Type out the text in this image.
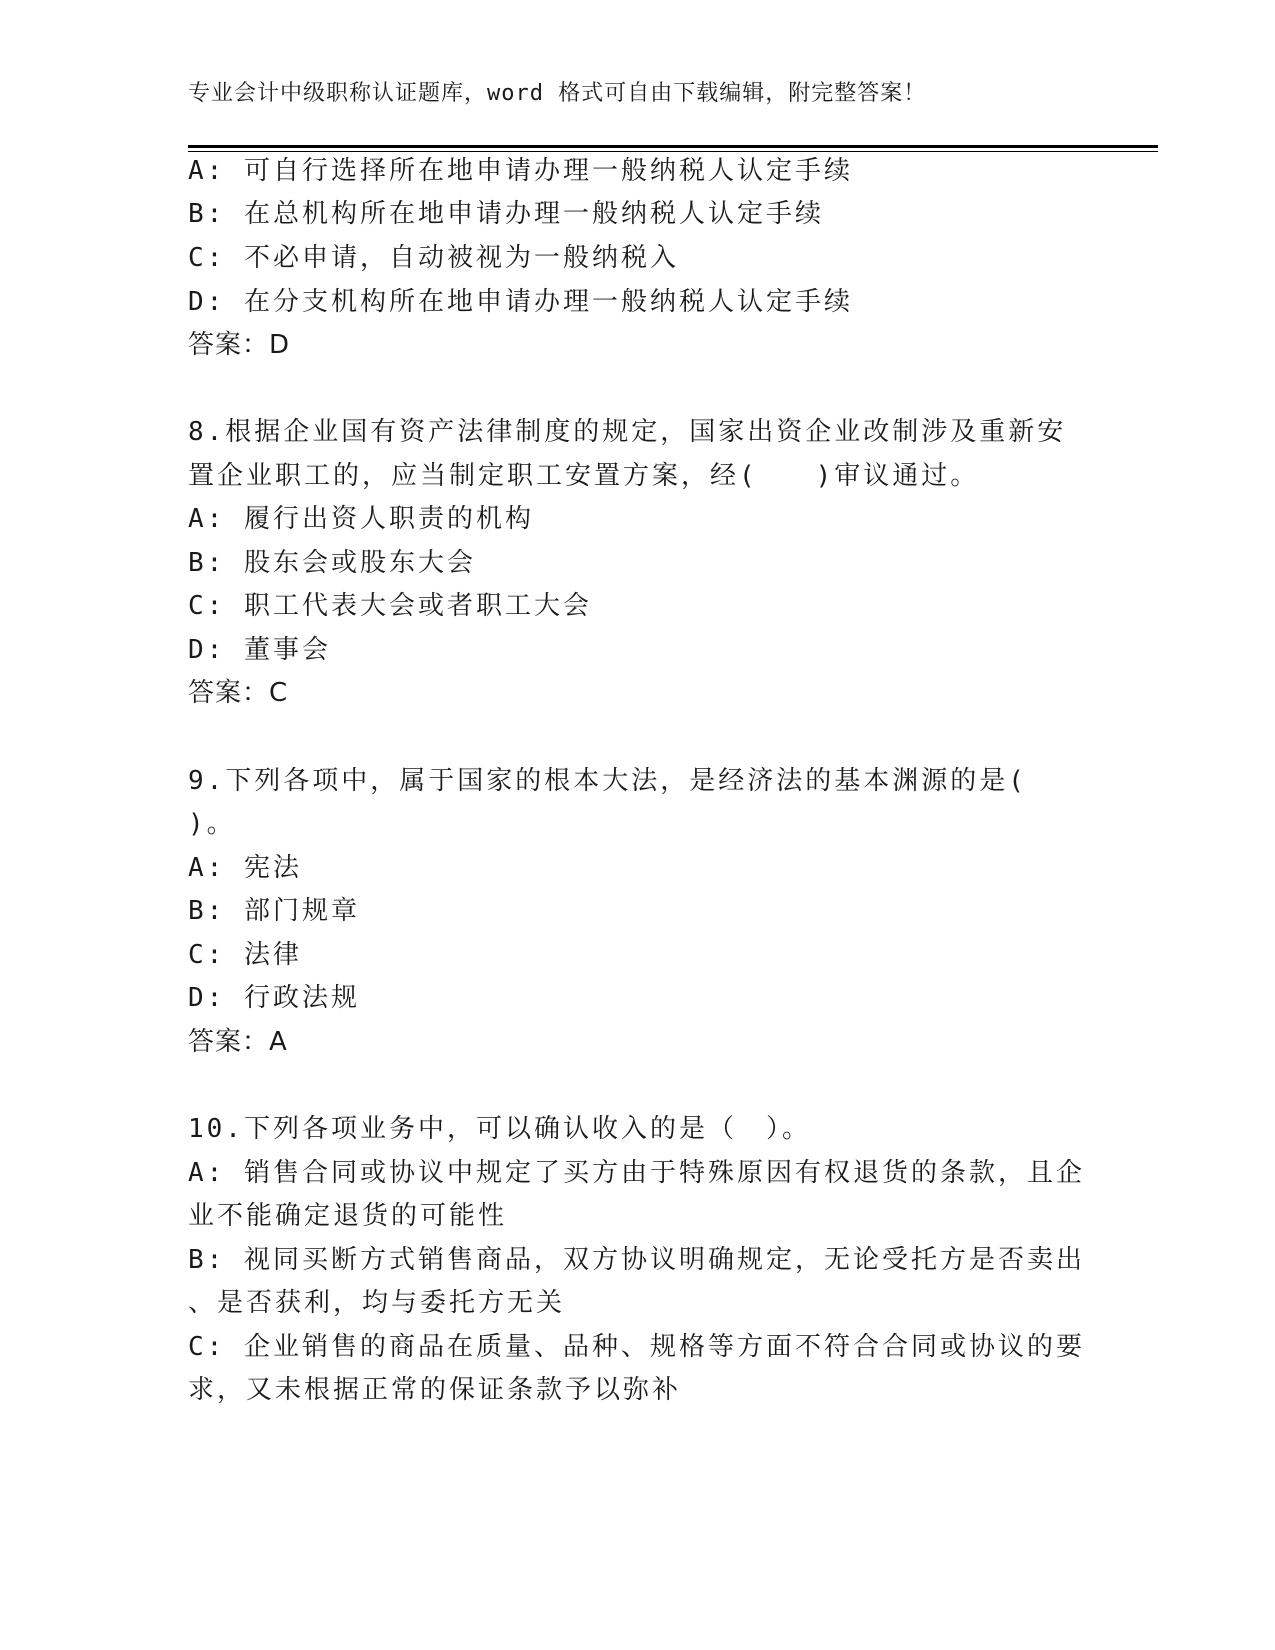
专业会计中级职称认证题库，word 格式可自由下载编辑，附完整答案！
A: 可自行选择所在地申请办理一般纳税人认定手续
B: 在总机构所在地申请办理一般纳税人认定手续
C: 不必申请，自动被视为一般纳税入
D: 在分支机构所在地申请办理一般纳税人认定手续
答案：D
8.根据企业国有资产法律制度的规定，国家出资企业改制涉及重新安
置企业职工的，应当制定职工安置方案，经(　　)审议通过。
A: 履行出资人职责的机构
B: 股东会或股东大会
C: 职工代表大会或者职工大会
D: 董事会
答案：C
9.下列各项中，属于国家的根本大法，是经济法的基本渊源的是(
)。
A: 宪法
B: 部门规章
C: 法律
D: 行政法规
答案：A
10.下列各项业务中，可以确认收入的是（　）。
A: 销售合同或协议中规定了买方由于特殊原因有权退货的条款，且企
业不能确定退货的可能性
B: 视同买断方式销售商品，双方协议明确规定，无论受托方是否卖出
、是否获利，均与委托方无关
C: 企业销售的商品在质量、品种、规格等方面不符合合同或协议的要
求，又未根据正常的保证条款予以弥补
